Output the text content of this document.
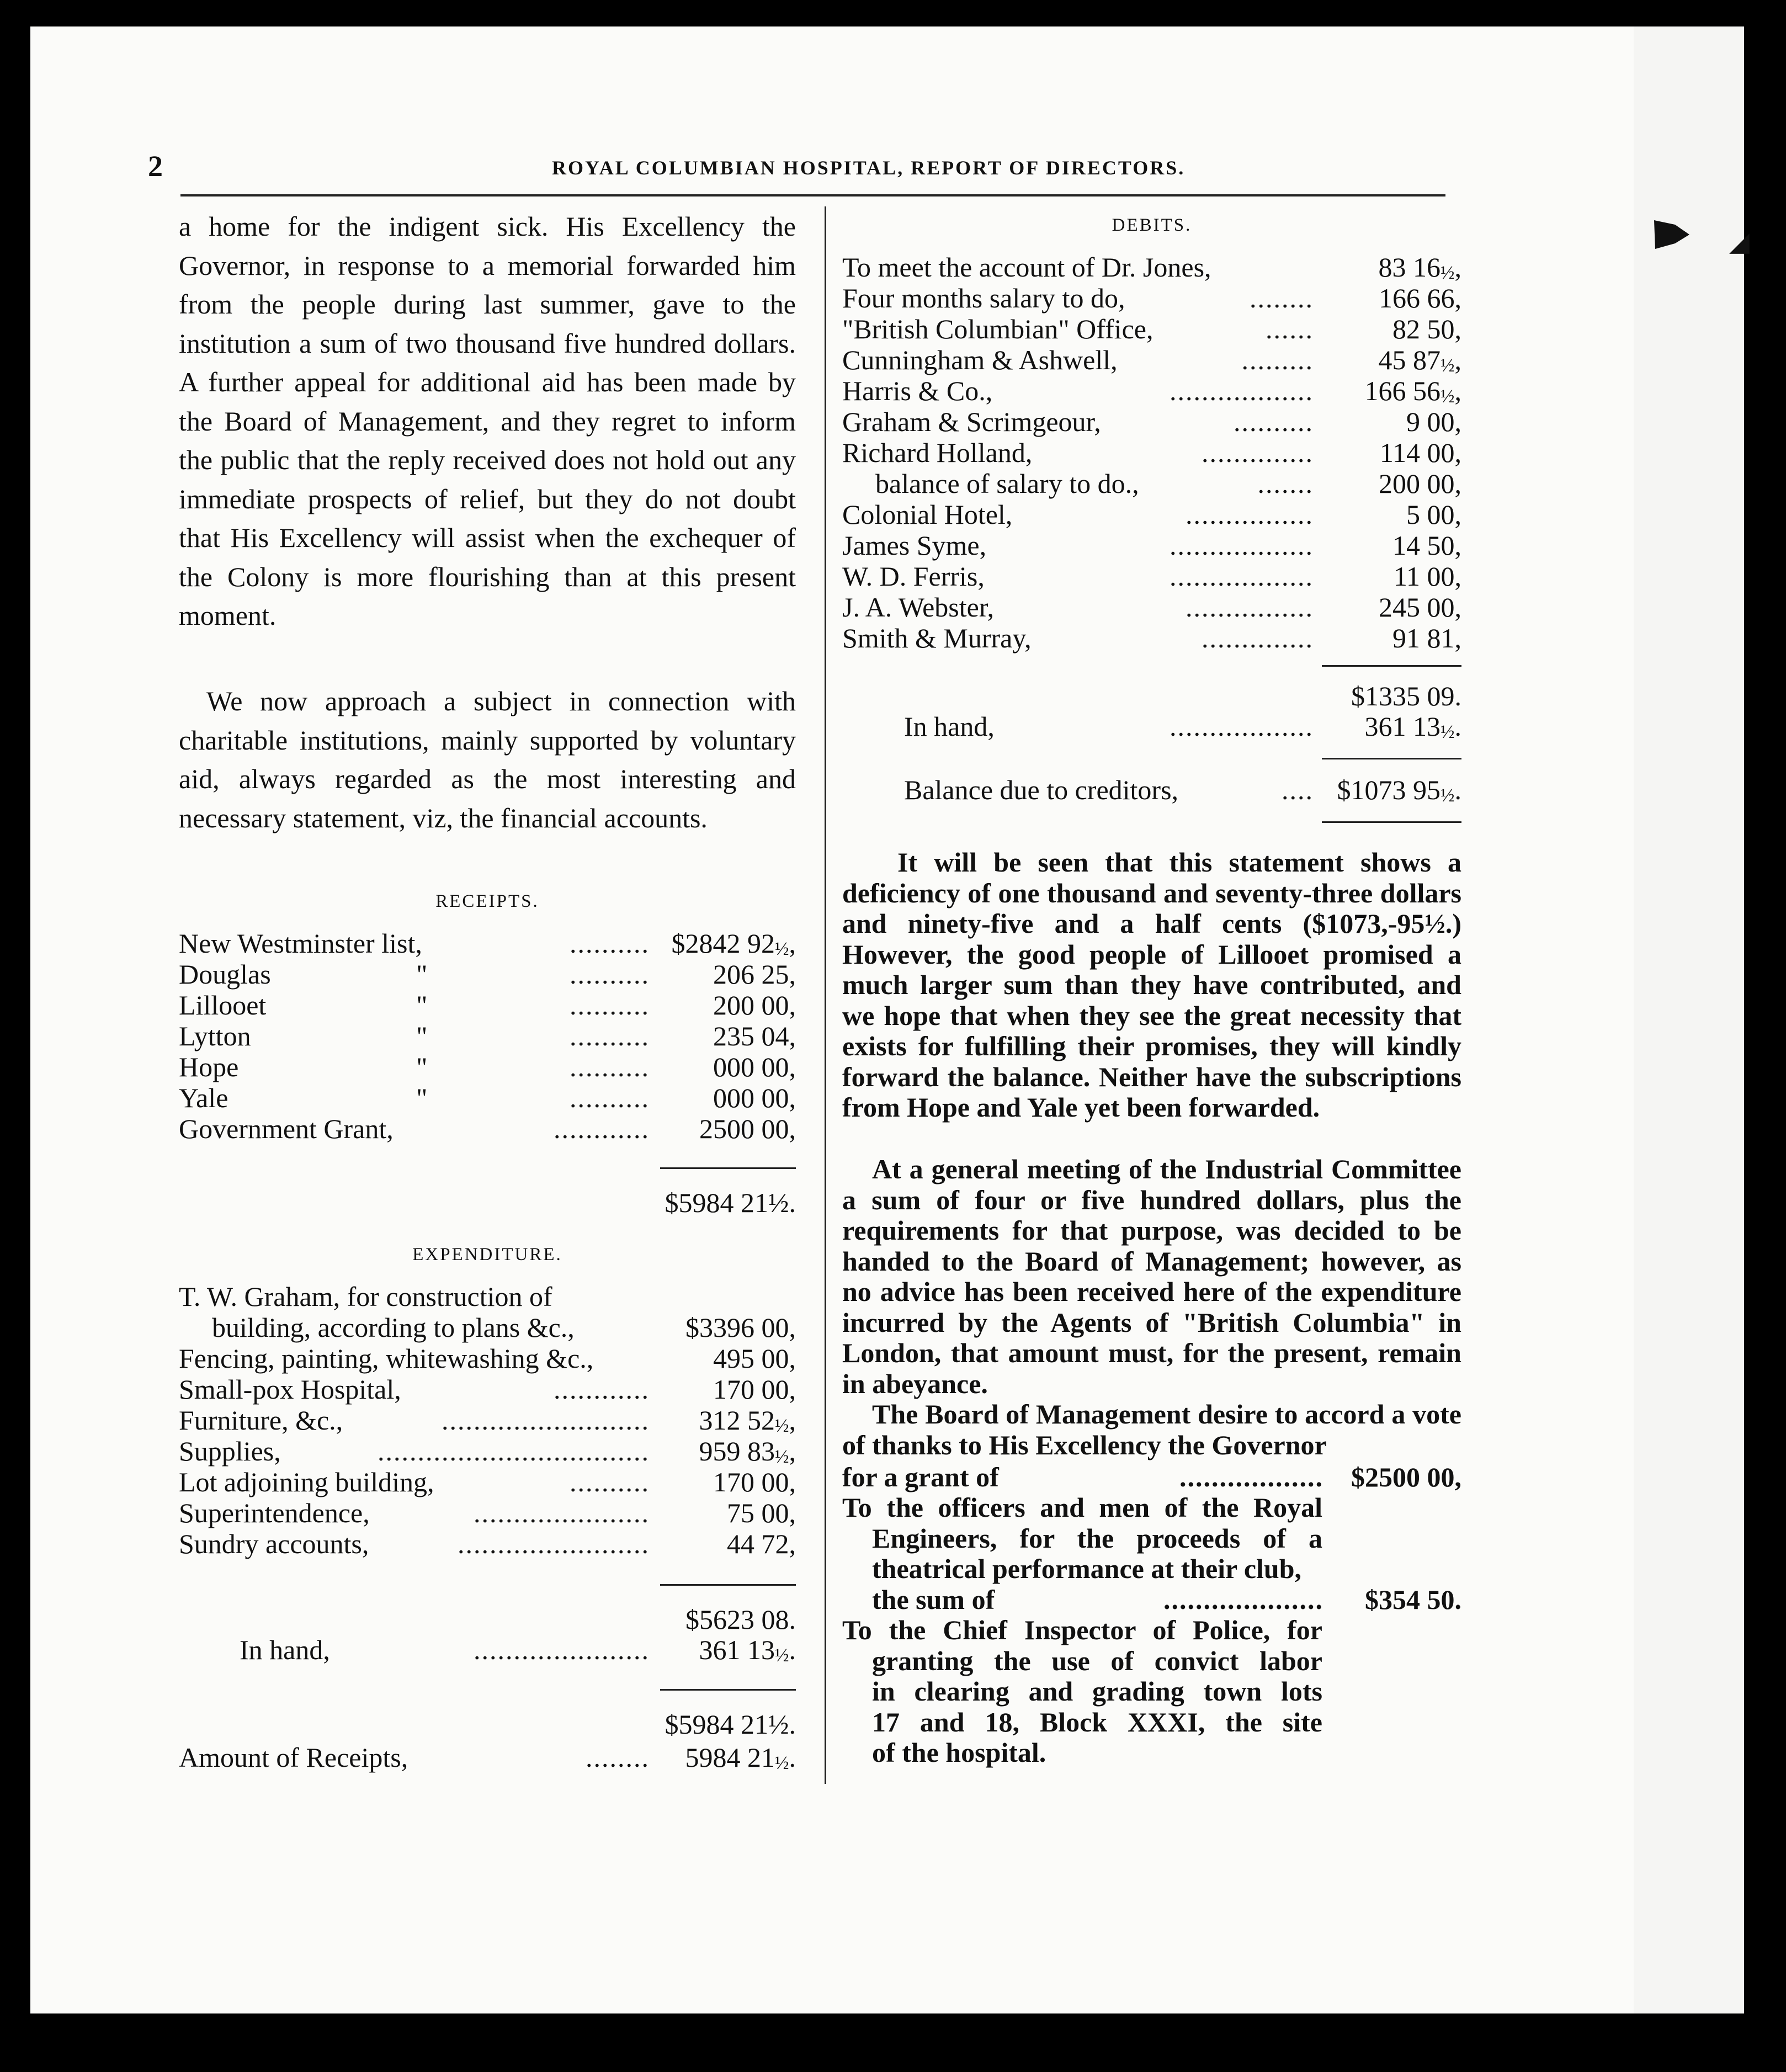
2	ROYAL COLUMBIAN HOSPITAL, REPORT OF DIRECTORS.
◢

a home for the indigent sick. His Excellency the Governor, in response to a memorial forwarded him from the people during last summer, gave to the institution a sum of two thousand five hundred dollars. A further appeal for additional aid has been made by the Board of Management, and they regret to inform the public that the reply received does not hold out any immediate prospects of relief, but they do not doubt that His Excellency will assist when the exchequer of the Colony is more flourishing than at this present moment.

We now approach a subject in connection with charitable institutions, mainly supported by voluntary aid, always regarded as the most interesting and necessary statement, viz, the financial accounts.

RECEIPTS.
New Westminster list,	.......... $2842 92½,
Douglas	"	.......... 206 25,
Lillooet	"	.......... 200 00,
Lytton	"	.......... 235 04,
Hope	"	.......... 000 00,
Yale	"	.......... 000 00,
Government Grant,	............ 2500 00,
$5984 21½.
EXPENDITURE.
T. W. Graham, for construction of
building, according to plans &c.,	$3396 00,
Fencing, painting, whitewashing &c.,	495 00,
Small-pox Hospital,	............ 170 00,
Furniture, &c.,	.......................... 312 52½,
Supplies,	.................................. 959 83½,
Lot adjoining building,	.......... 170 00,
Superintendence,	......................	75 00,
Sundry accounts,	........................	44 72,
$5623 08.
In hand,	...................... 361 13½.
$5984 21½.
Amount of Receipts,	........ 5984 21½.
DEBITS.
To meet the account of Dr. Jones,	83 16½,
Four months salary to do,	........ 166 66,
"British Columbian" Office,	......	82 50,
Cunningham & Ashwell,	......... 45 87½,
Harris & Co.,	.................. 166 56½,
Graham & Scrimgeour,	..........	9 00,
Richard Holland,	.............. 114 00,
balance of salary to do.,	....... 200 00,
Colonial Hotel,	................	5 00,
James Syme,	..................	14 50,
W. D. Ferris,	..................	11 00,
J. A. Webster,	................ 245 00,
Smith & Murray,	..............	91 81,
$1335 09.
In hand,	.................. 361 13½.
Balance due to creditors,	.... $1073 95½.

It will be seen that this statement shows a deficiency of one thousand and seventy-three dollars and ninety-five and a half cents ($1073,-95½.) However, the good people of Lillooet promised a much larger sum than they have contributed, and we hope that when they see the great necessity that exists for fulfilling their promises, they will kindly forward the balance. Neither have the subscriptions from Hope and Yale yet been forwarded.

At a general meeting of the Industrial Committee a sum of four or five hundred dollars, plus the requirements for that purpose, was decided to be handed to the Board of Management; however, as no advice has been received here of the expenditure incurred by the Agents of "British Columbia" in London, that amount must, for the present, remain in abeyance.

The Board of Management desire to accord a vote of thanks to His Excellency the Governor

for a grant of	.................. $2500 00,
To the officers and men of the Royal
Engineers, for the proceeds of a
theatrical performance at their club,
the sum of	.................... $354 50.
To the Chief Inspector of Police, for
granting the use of convict labor
in clearing and grading town lots
17 and 18, Block XXXI, the site
of the hospital.
